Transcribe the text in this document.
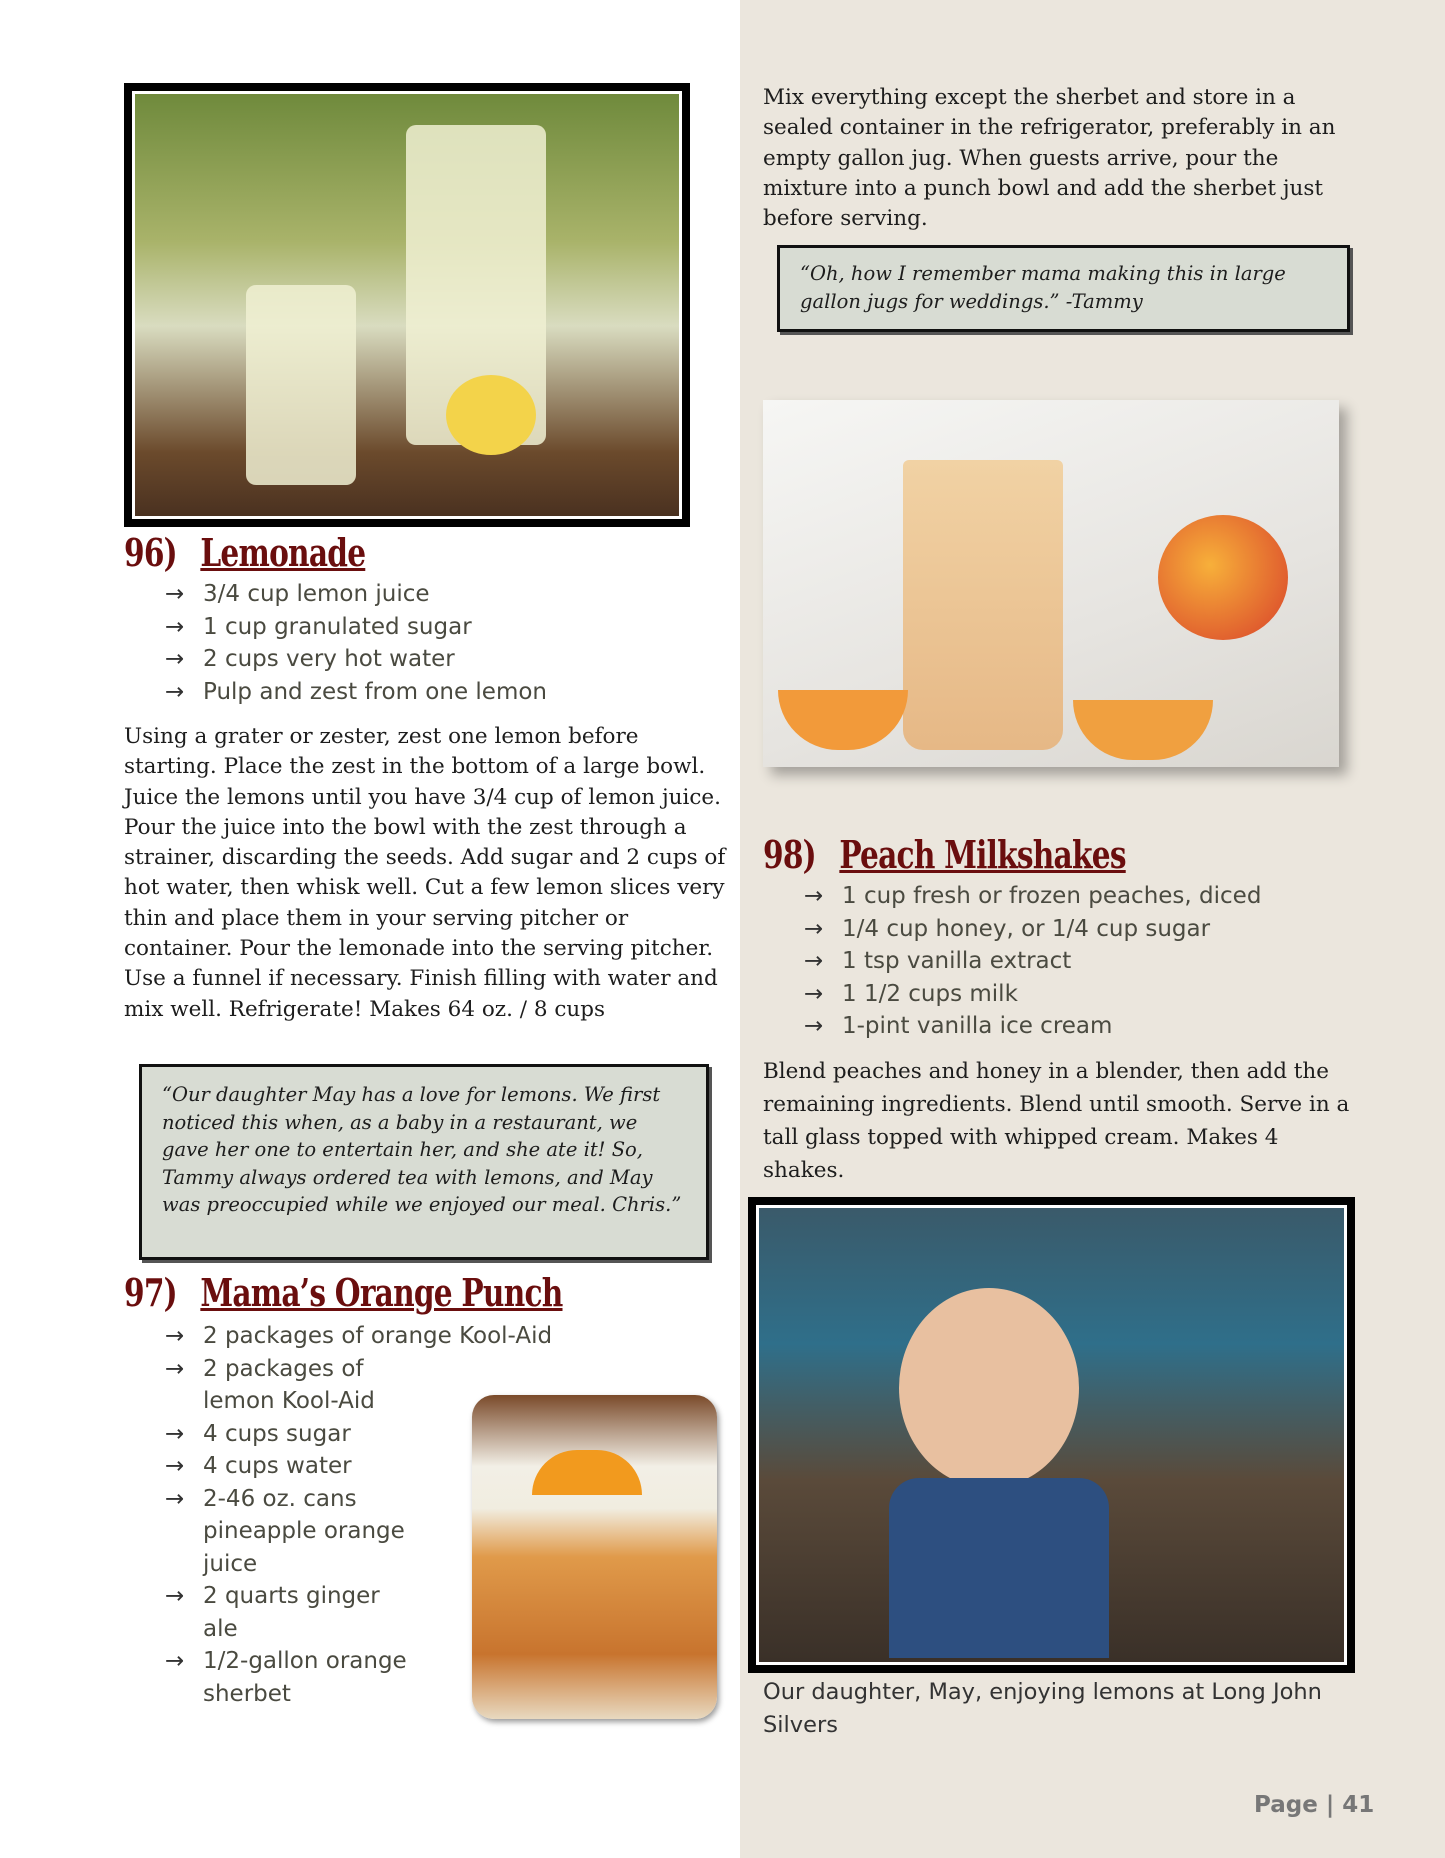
96) Lemonade
→ 3/4 cup lemon juice
→ 1 cup granulated sugar
→ 2 cups very hot water
→ Pulp and zest from one lemon
Using a grater or zester, zest one lemon before starting. Place the zest in the bottom of a large bowl. Juice the lemons until you have 3/4 cup of lemon juice. Pour the juice into the bowl with the zest through a strainer, discarding the seeds. Add sugar and 2 cups of hot water, then whisk well. Cut a few lemon slices very thin and place them in your serving pitcher or container. Pour the lemonade into the serving pitcher. Use a funnel if necessary. Finish filling with water and mix well. Refrigerate! Makes 64 oz. / 8 cups
“Our daughter May has a love for lemons. We first noticed this when, as a baby in a restaurant, we gave her one to entertain her, and she ate it! So, Tammy always ordered tea with lemons, and May was preoccupied while we enjoyed our meal. Chris.”
97) Mama’s Orange Punch
→ 2 packages of orange Kool-Aid
→ 2 packages of lemon Kool-Aid
→ 4 cups sugar
→ 4 cups water
→ 2-46 oz. cans pineapple orange juice
→ 2 quarts ginger ale
→ 1/2-gallon orange sherbet
Mix everything except the sherbet and store in a sealed container in the refrigerator, preferably in an empty gallon jug. When guests arrive, pour the mixture into a punch bowl and add the sherbet just before serving.
“Oh, how I remember mama making this in large gallon jugs for weddings.” -Tammy
98) Peach Milkshakes
→ 1 cup fresh or frozen peaches, diced
→ 1/4 cup honey, or 1/4 cup sugar
→ 1 tsp vanilla extract
→ 1 1/2 cups milk
→ 1-pint vanilla ice cream
Blend peaches and honey in a blender, then add the remaining ingredients. Blend until smooth. Serve in a tall glass topped with whipped cream. Makes 4 shakes.
Our daughter, May, enjoying lemons at Long John Silvers
Page | 41
